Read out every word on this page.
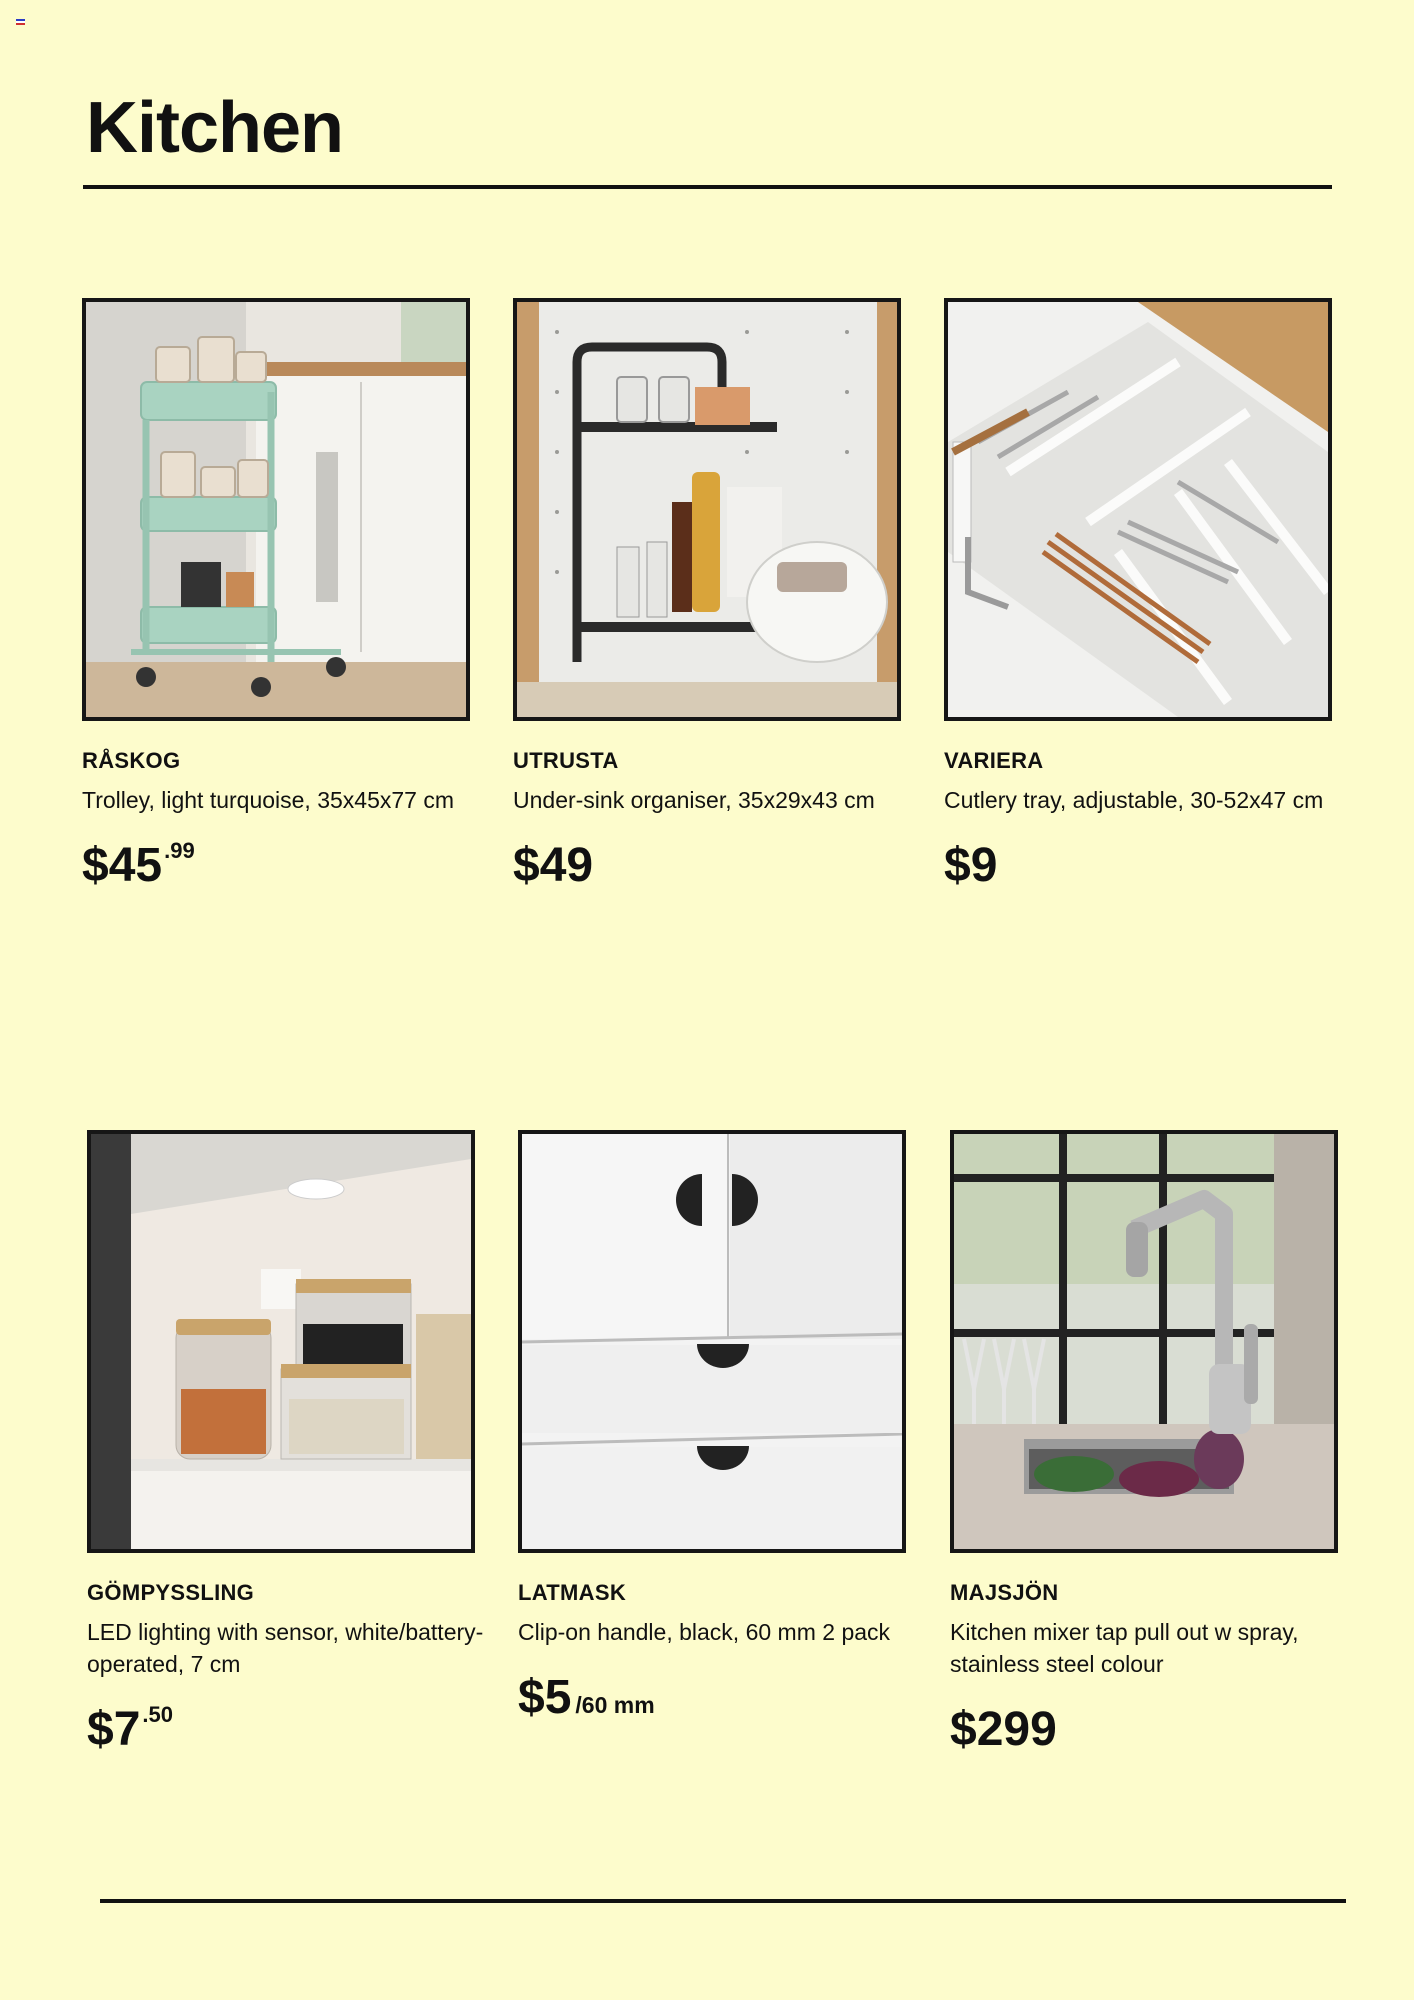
Kitchen
RÅSKOG
Trolley, light turquoise, 35x45x77 cm
$45.99
UTRUSTA
Under-sink organiser, 35x29x43 cm
$49
VARIERA
Cutlery tray, adjustable, 30-52x47 cm
$9
GÖMPYSSLING
LED lighting with sensor, white/battery-operated, 7 cm
$7.50
LATMASK
Clip-on handle, black, 60 mm 2 pack
$5 /60 mm
MAJSJÖN
Kitchen mixer tap pull out w spray, stainless steel colour
$299
